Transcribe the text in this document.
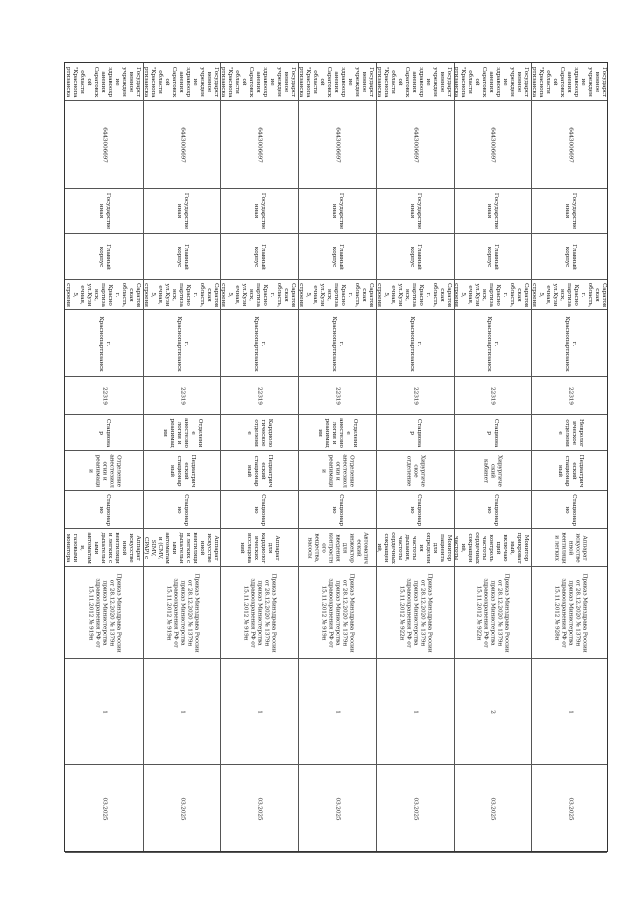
Государственное учреждение здравоохранения Саратовской области "Краснопартизанска
6443006697
Государственная
Главный корпус
Саратовская область, г. Краснопартизанск, ул.Кузнечная, 5, строени
г. Краснопартизанск
22319
Стационар
Отделение анестезиологии и реанимации
Стационарно
Аппарат искусственной вентиляции легких с дыхательными автоматами, газовыми монитора
Приказ Минздрава России от 28.12.2020 № 1379н приказ Министерства здравоохранения РФ от 15.11.2012 № 919н
1
03.2025
Государственное учреждение здравоохранения Саратовской области "Краснопартизанска
6443006697
Государственная
Главный корпус
Саратовская область, г. Краснопартизанск, ул.Кузнечная, 5, строени
г. Краснопартизанск
22319
Отделение анестезиологии и реанимации
Педиатрический стационарный
Стационарно
Аппарат искусственной вентиляции легких с дыхательными автоматами (CMV, SIMV, CPAP) с
Приказ Минздрава России от 28.12.2020 № 1379н приказ Министерства здравоохранения РФ от 15.11.2012 № 919н
1
03.2025
Государственное учреждение здравоохранения Саратовской области "Краснопартизанска
6443006697
Государственная
Главный корпус
Саратовская область, г. Краснопартизанск, ул.Кузнечная, 5, строени
г. Краснопартизанск
22319
Кардиологическое отделение
Педиатрический стационарный
Стационарно
Аппарат для кардиологических исследований
Приказ Минздрава России от 28.12.2020 № 1379н приказ Министерства здравоохранения РФ от 15.11.2012 № 919н
1
03.2025
Государственное учреждение здравоохранения Саратовской области "Краснопартизанска
6443006697
Государственная
Главный корпус
Саратовская область, г. Краснопартизанск, ул.Кузнечная, 5, строени
г. Краснопартизанск
22319
Отделение анестезиологии и реанимации
Отделение анестезиологии и реанимации
Стационарно
Автоматический инжектор для введения контрастного вещества, насосы
Приказ Минздрава России от 28.12.2020 № 1379н приказ Министерства здравоохранения РФ от 15.11.2012 № 919н
1
03.2025
Государственное учреждение здравоохранения Саратовской области "Краснопартизанска
6443006697
Государственная
Главный корпус
Саратовская область, г. Краснопартизанск, ул.Кузнечная, 5, строени
г. Краснопартизанск
22319
Стационар
Хирургическое отделение
Стационарно
Монитор пациента для определения частоты дыхания, частоты сердечных сокращений,
Приказ Минздрава России от 28.12.2020 № 1379н приказ Министерства здравоохранения РФ от 15.11.2012 № 922н
1
03.2025
Государственное учреждение здравоохранения Саратовской области "Краснопартизанска
6443006697
Государственная
Главный корпус
Саратовская область, г. Краснопартизанск, ул.Кузнечная, 5, строени
г. Краснопартизанск
22319
Стационар
Хирургический кабинет
Стационарно
Монитор прикроватный, включающий контроль частоты сердечных сокращений, частоты
Приказ Минздрава России от 28.12.2020 № 1379н приказ Министерства здравоохранения РФ от 15.11.2012 № 922н
2
03.2025
Государственное учреждение здравоохранения Саратовской области "Краснопартизанска
6443006697
Государственная
Главный корпус
Саратовская область, г. Краснопартизанск, ул.Кузнечная, 5, строени
г. Краснопартизанск
22319
Неврологическое отделение
Педиатрический стационарный
Стационарно
Аппарат искусственной вентиляции легких
Приказ Минздрава России от 28.12.2020 № 1379н приказ Министерства здравоохранения РФ от 15.11.2012 № 928н
1
03.2025
